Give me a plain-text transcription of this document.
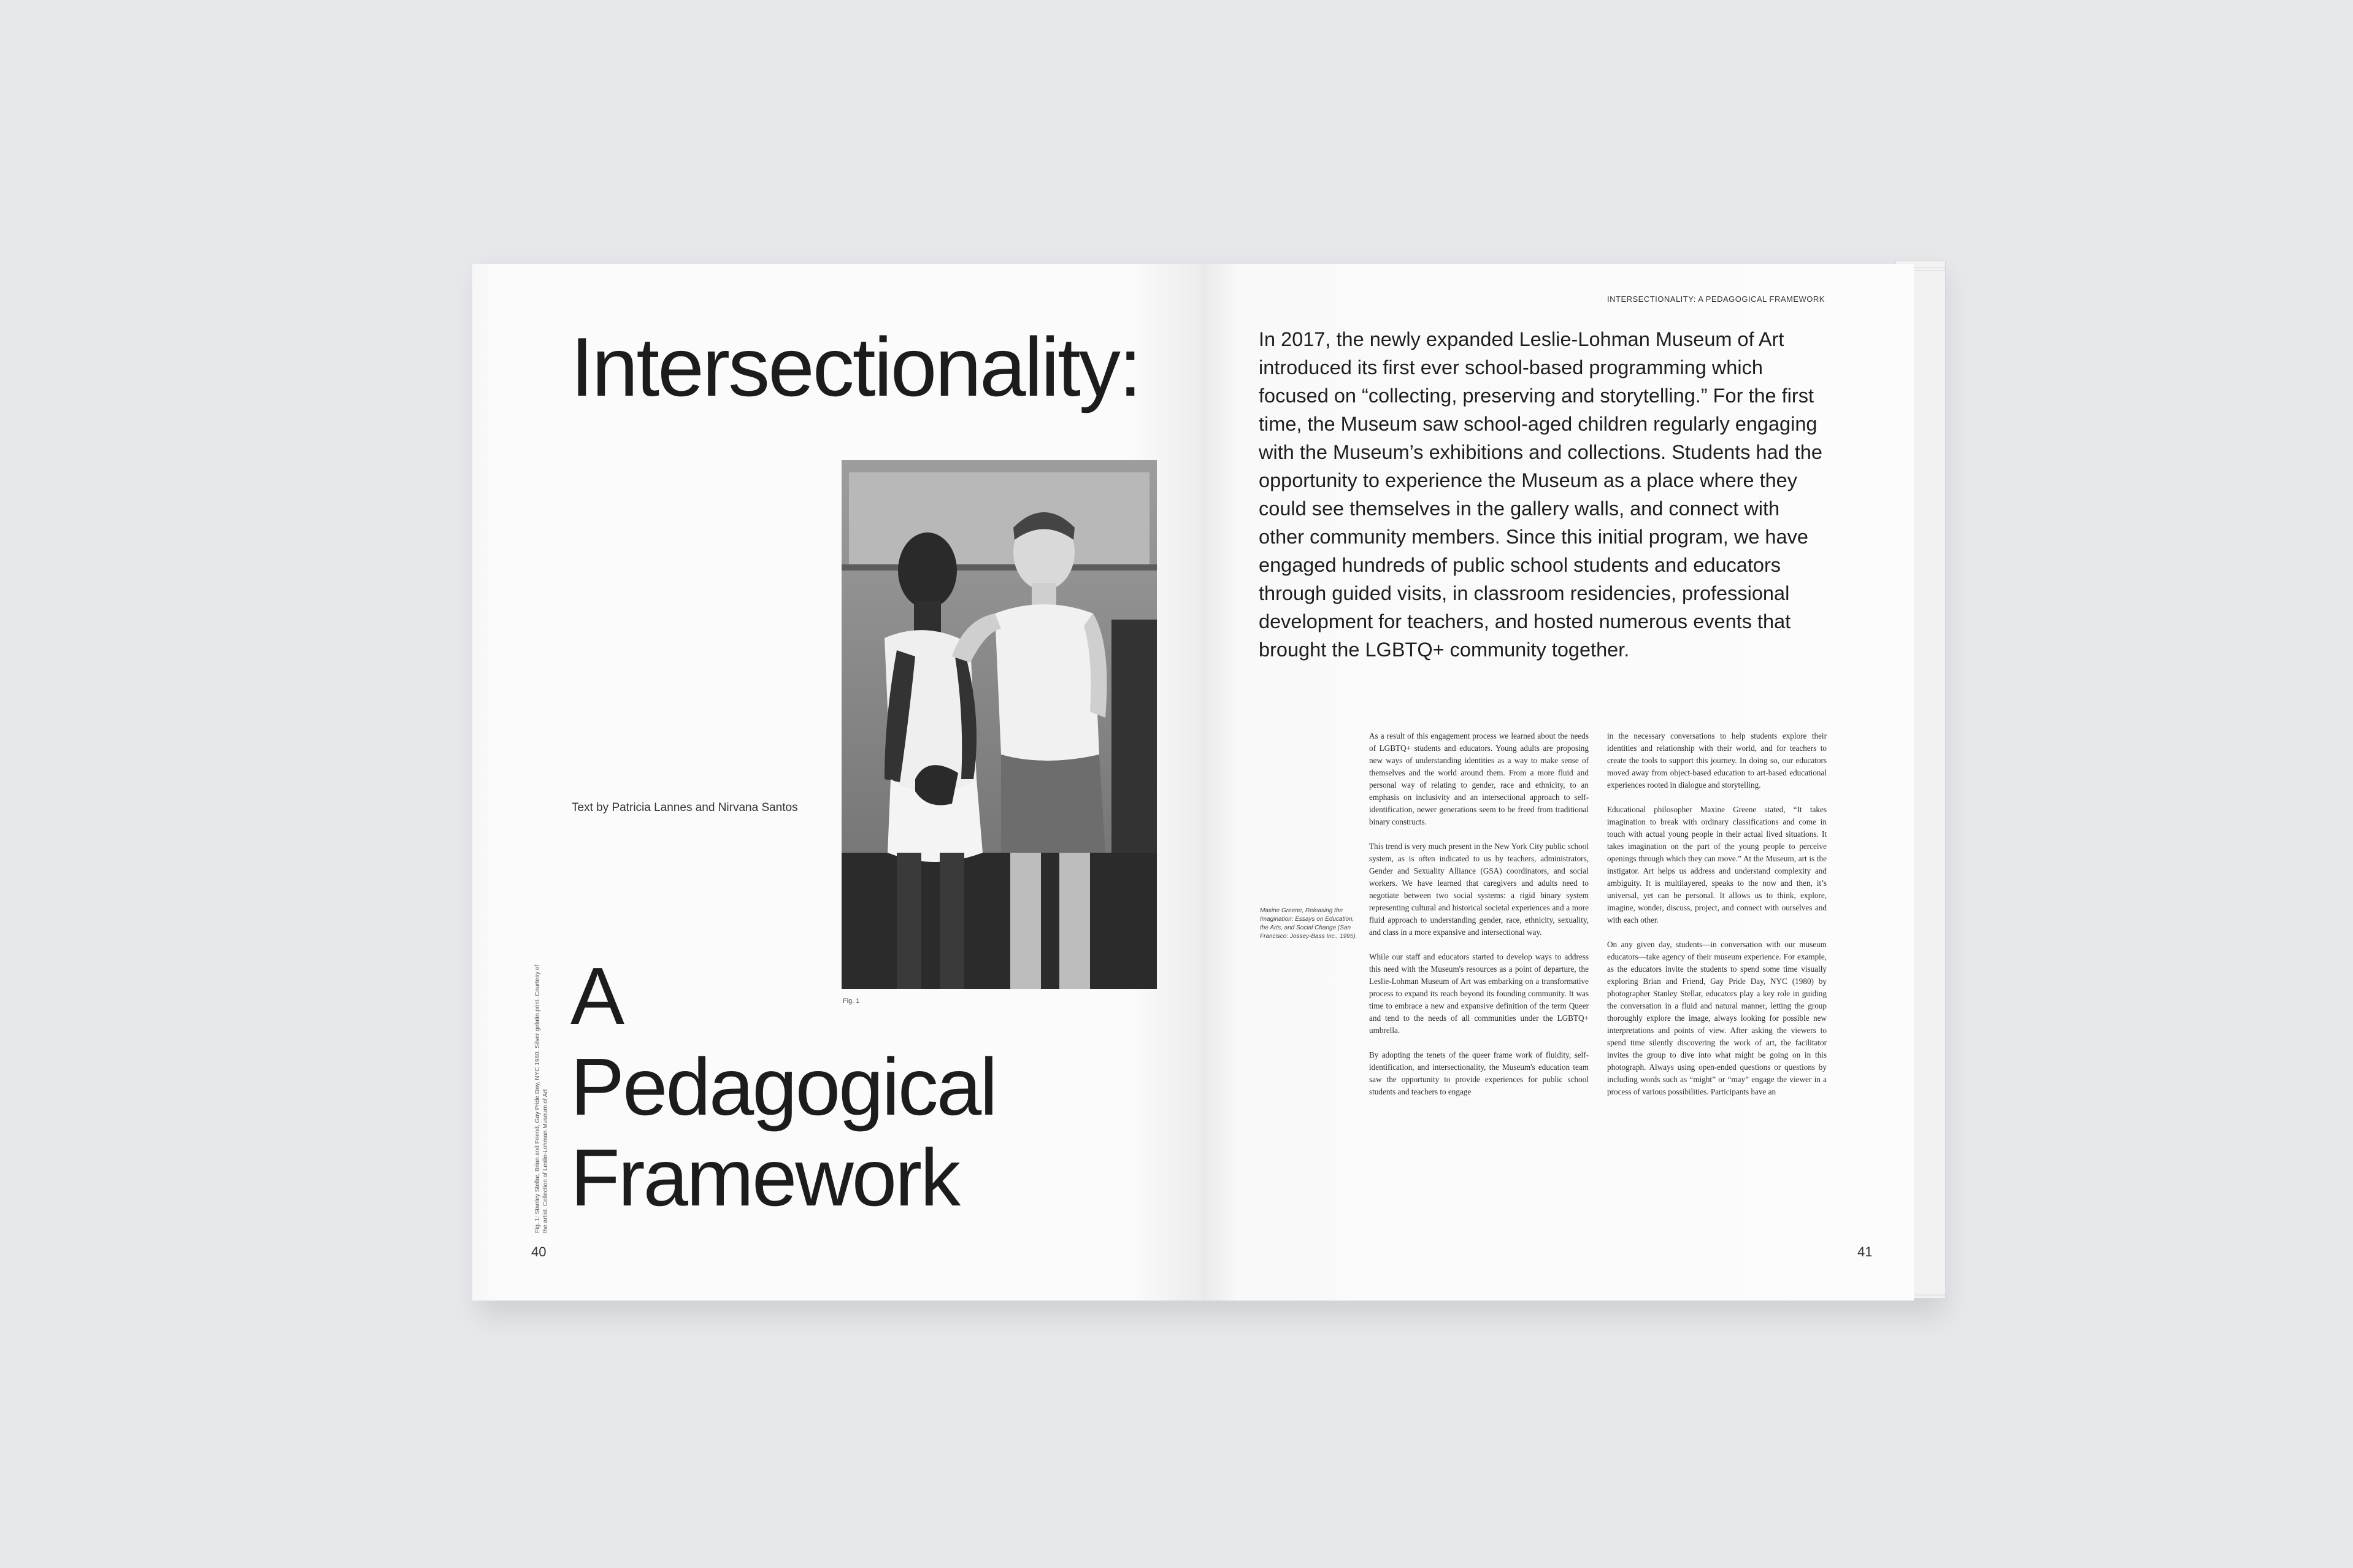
Intersectionality:
Fig. 1
Text by Patricia Lannes and Nirvana Santos
Fig. 1: Stanley Stellar, Brian and Friend, Gay Pride Day, NYC 1980. Silver gelatin print. Courtesy of the artist. Collection of Leslie-Lohman Museum of Art
A
Pedagogical
Framework
40
INTERSECTIONALITY: A PEDAGOGICAL FRAMEWORK

In 2017, the newly expanded Leslie-Lohman Museum of Art introduced its first ever school-based programming which focused on “collecting, preserving and storytelling.” For the first time, the Museum saw school-aged children regularly engaging with the Museum’s exhibitions and collections. Students had the opportunity to experience the Museum as a place where they could see themselves in the gallery walls, and connect with other community members. Since this initial program, we have engaged hundreds of public school students and educators through guided visits, in classroom residencies, professional development for teachers, and hosted numerous events that brought the LGBTQ+ community together.

Maxine Greene, Releasing the Imagination: Essays on Education, the Arts, and Social Change (San Francisco: Jossey-Bass Inc., 1995).

As a result of this engagement process we learned about the needs of LGBTQ+ students and educators. Young adults are proposing new ways of understanding identities as a way to make sense of themselves and the world around them. From a more fluid and personal way of relating to gender, race and ethnicity, to an emphasis on inclusivity and an intersectional approach to self-identification, newer generations seem to be freed from traditional binary constructs.

This trend is very much present in the New York City public school system, as is often indicated to us by teachers, administrators, Gender and Sexuality Alliance (GSA) coordinators, and social workers. We have learned that caregivers and adults need to negotiate between two social systems: a rigid binary system representing cultural and historical societal experiences and a more fluid approach to understanding gender, race, ethnicity, sexuality, and class in a more expansive and intersectional way.

While our staff and educators started to develop ways to address this need with the Museum's resources as a point of departure, the Leslie-Lohman Museum of Art was embarking on a transformative process to expand its reach beyond its founding community. It was time to embrace a new and expansive definition of the term Queer and tend to the needs of all communities under the LGBTQ+ umbrella.

By adopting the tenets of the queer frame work of fluidity, self-identification, and intersectionality, the Museum's education team saw the opportunity to provide experiences for public school students and teachers to engage

in the necessary conversations to help students explore their identities and relationship with their world, and for teachers to create the tools to support this journey. In doing so, our educators moved away from object-based education to art-based educational experiences rooted in dialogue and storytelling.

Educational philosopher Maxine Greene stated, “It takes imagination to break with ordinary classifications and come in touch with actual young people in their actual lived situations. It takes imagination on the part of the young people to perceive openings through which they can move.” At the Museum, art is the instigator. Art helps us address and understand complexity and ambiguity. It is multilayered, speaks to the now and then, it’s universal, yet can be personal. It allows us to think, explore, imagine, wonder, discuss, project, and connect with ourselves and with each other.

On any given day, students—in conversation with our museum educators—take agency of their museum experience. For example, as the educators invite the students to spend some time visually exploring Brian and Friend, Gay Pride Day, NYC (1980) by photographer Stanley Stellar, educators play a key role in guiding the conversation in a fluid and natural manner, letting the group thoroughly explore the image, always looking for possible new interpretations and points of view. After asking the viewers to spend time silently discovering the work of art, the facilitator invites the group to dive into what might be going on in this photograph. Always using open-ended questions or questions by including words such as “might” or “may” engage the viewer in a process of various possibilities. Participants have an

41
